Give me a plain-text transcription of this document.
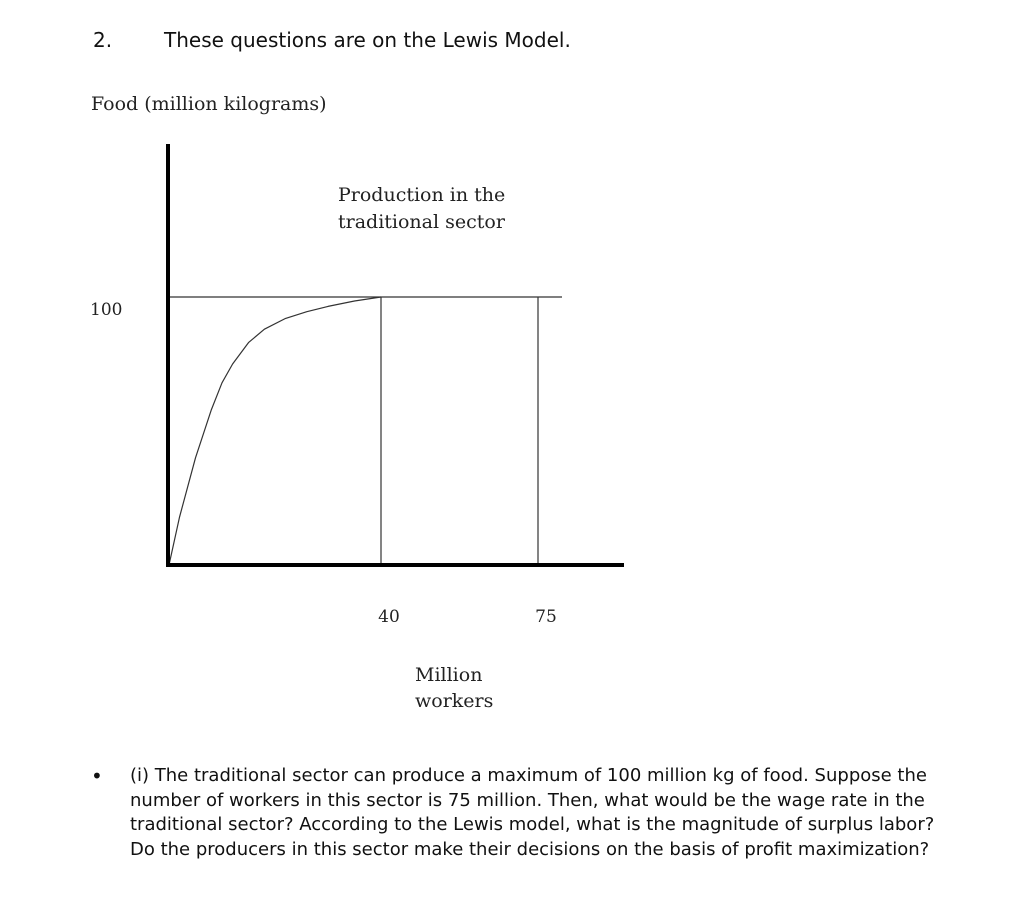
2.	These questions are on the Lewis Model.
Food (million kilograms)
100
40	75
Production in the
traditional sector
Million
workers
• (i) The traditional sector can produce a maximum of 100 million kg of food. Suppose the number of workers in this sector is 75 million. Then, what would be the wage rate in the traditional sector? According to the Lewis model, what is the magnitude of surplus labor? Do the producers in this sector make their decisions on the basis of profit maximization?
